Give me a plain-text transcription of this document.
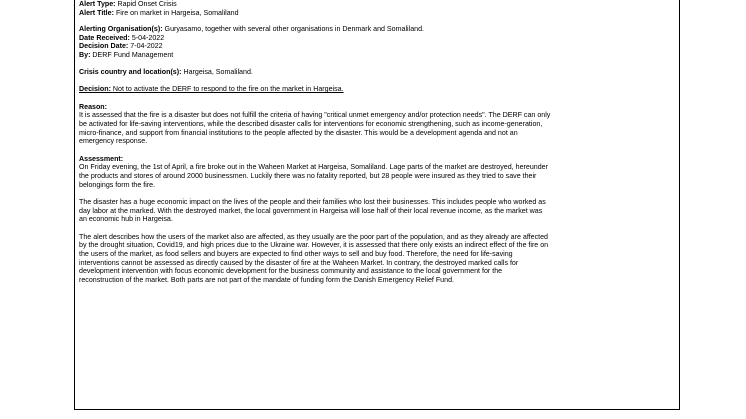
Alert Type: Rapid Onset Crisis
Alert Title: Fire on market in Hargeisa, Somaliland
Alerting Organisation(s): Guryasamo, together with several other organisations in Denmark and Somaliland.
Date Received: 5-04-2022
Decision Date: 7-04-2022
By: DERF Fund Management
Crisis country and location(s): Hargeisa, Somaliland.
Decision: Not to activate the DERF to respond to the fire on the market in Hargeisa.
Reason:
It is assessed that the fire is a disaster but does not fulfill the criteria of having "critical unmet emergency and/or protection needs". The DERF can only
be activated for life-saving interventions, while the described disaster calls for interventions for economic strengthening, such as income-generation,
micro-finance, and support from financial institutions to the people affected by the disaster. This would be a development agenda and not an
emergency response.
Assessment:
On Friday evening, the 1st of April, a fire broke out in the Waheen Market at Hargeisa, Somaliland. Lage parts of the market are destroyed, hereunder
the products and stores of around 2000 businessmen. Luckily there was no fatality reported, but 28 people were insured as they tried to save their
belongings form the fire.
The disaster has a huge economic impact on the lives of the people and their families who lost their businesses. This includes people who worked as
day labor at the marked. With the destroyed market, the local government in Hargeisa will lose half of their local revenue income, as the market was
an economic hub in Hargeisa.
The alert describes how the users of the market also are affected, as they usually are the poor part of the population, and as they already are affected
by the drought situation, Covid19, and high prices due to the Ukraine war. However, it is assessed that there only exists an indirect effect of the fire on
the users of the market, as food sellers and buyers are expected to find other ways to sell and buy food. Therefore, the need for life-saving
interventions cannot be assessed as directly caused by the disaster of fire at the Waheen Market. In contrary, the destroyed marked calls for
development intervention with focus economic development for the business community and assistance to the local government for the
reconstruction of the market. Both parts are not part of the mandate of funding form the Danish Emergency Relief Fund.
